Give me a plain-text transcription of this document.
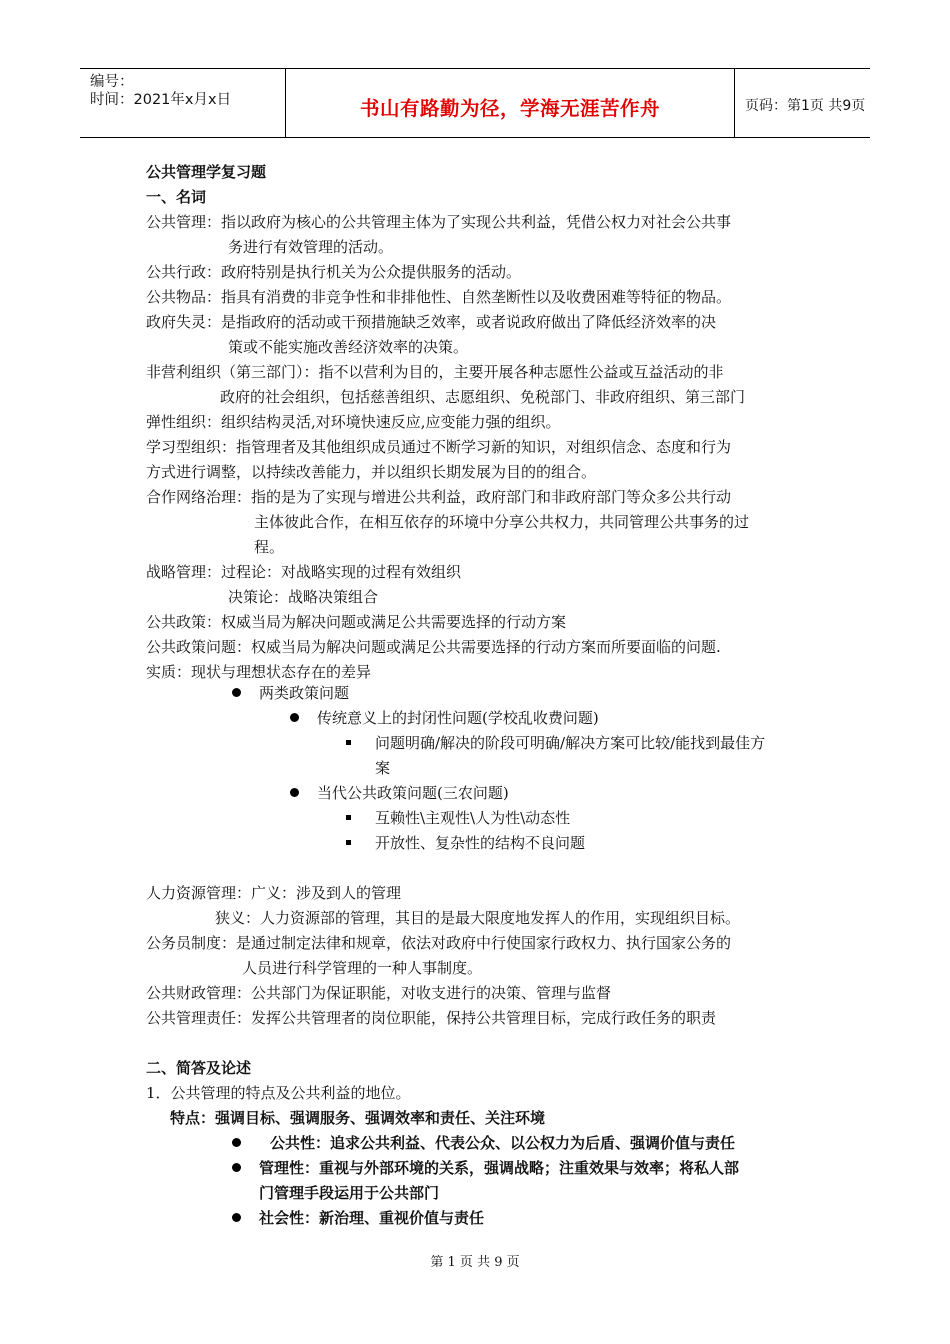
编号：
时间：2021年x月x日	书山有路勤为径，学海无涯苦作舟	页码：第1页 共9页
公共管理学复习题
一、名词
公共管理：指以政府为核心的公共管理主体为了实现公共利益，凭借公权力对社会公共事
务进行有效管理的活动。
公共行政：政府特别是执行机关为公众提供服务的活动。
公共物品：指具有消费的非竞争性和非排他性、自然垄断性以及收费困难等特征的物品。
政府失灵：是指政府的活动或干预措施缺乏效率，或者说政府做出了降低经济效率的决
策或不能实施改善经济效率的决策。
非营利组织（第三部门）：指不以营利为目的，主要开展各种志愿性公益或互益活动的非
政府的社会组织，包括慈善组织、志愿组织、免税部门、非政府组织、第三部门
弹性组织：组织结构灵活,对环境快速反应,应变能力强的组织。
学习型组织：指管理者及其他组织成员通过不断学习新的知识，对组织信念、态度和行为
方式进行调整，以持续改善能力，并以组织长期发展为目的的组合。
合作网络治理：指的是为了实现与增进公共利益，政府部门和非政府部门等众多公共行动
主体彼此合作，在相互依存的环境中分享公共权力，共同管理公共事务的过
程。
战略管理：过程论：对战略实现的过程有效组织
决策论：战略决策组合
公共政策：权威当局为解决问题或满足公共需要选择的行动方案
公共政策问题：权威当局为解决问题或满足公共需要选择的行动方案而所要面临的问题.
实质：现状与理想状态存在的差异
两类政策问题
传统意义上的封闭性问题(学校乱收费问题)
问题明确/解决的阶段可明确/解决方案可比较/能找到最佳方
案
当代公共政策问题(三农问题)
互赖性\主观性\人为性\动态性
开放性、复杂性的结构不良问题
人力资源管理：广义：涉及到人的管理
狭义：人力资源部的管理，其目的是最大限度地发挥人的作用，实现组织目标。
公务员制度：是通过制定法律和规章，依法对政府中行使国家行政权力、执行国家公务的
人员进行科学管理的一种人事制度。
公共财政管理：公共部门为保证职能，对收支进行的决策、管理与监督
公共管理责任：发挥公共管理者的岗位职能，保持公共管理目标，完成行政任务的职责
二、简答及论述
1．公共管理的特点及公共利益的地位。
特点：强调目标、强调服务、强调效率和责任、关注环境
公共性：追求公共利益、代表公众、以公权力为后盾、强调价值与责任
管理性：重视与外部环境的关系，强调战略；注重效果与效率；将私人部
门管理手段运用于公共部门
社会性：新治理、重视价值与责任
第 1 页 共 9 页
